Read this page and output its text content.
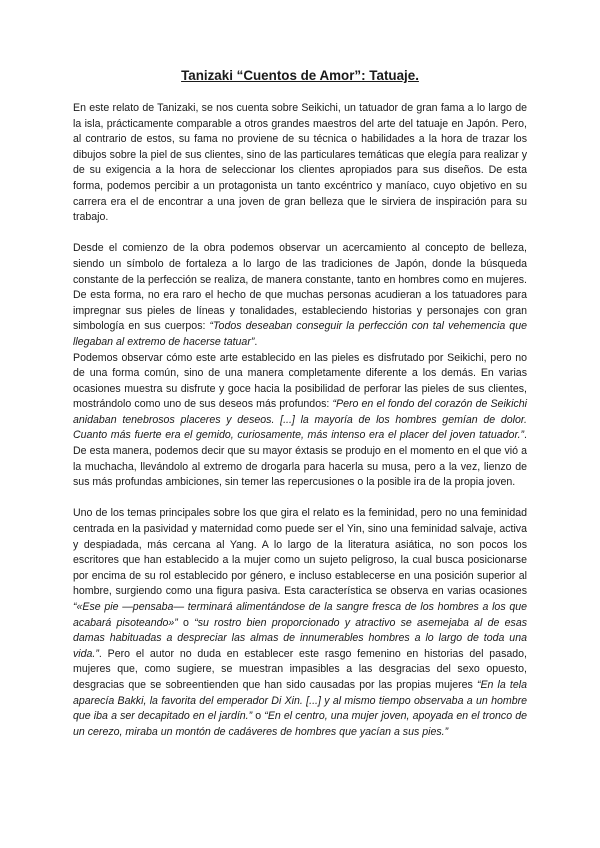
Tanizaki “Cuentos de Amor”: Tatuaje.

En este relato de Tanizaki, se nos cuenta sobre Seikichi, un tatuador de gran fama a lo largo de la isla, prácticamente comparable a otros grandes maestros del arte del tatuaje en Japón. Pero, al contrario de estos, su fama no proviene de su técnica o habilidades a la hora de trazar los dibujos sobre la piel de sus clientes, sino de las particulares temáticas que elegía para realizar y de su exigencia a la hora de seleccionar los clientes apropiados para sus diseños. De esta forma, podemos percibir a un protagonista un tanto excéntrico y maníaco, cuyo objetivo en su carrera era el de encontrar a una joven de gran belleza que le sirviera de inspiración para su trabajo.

Desde el comienzo de la obra podemos observar un acercamiento al concepto de belleza, siendo un símbolo de fortaleza a lo largo de las tradiciones de Japón, donde la búsqueda constante de la perfección se realiza, de manera constante, tanto en hombres como en mujeres. De esta forma, no era raro el hecho de que muchas personas acudieran a los tatuadores para impregnar sus pieles de líneas y tonalidades, estableciendo historias y personajes con gran simbología en sus cuerpos: “Todos deseaban conseguir la perfección con tal vehemencia que llegaban al extremo de hacerse tatuar”.

Podemos observar cómo este arte establecido en las pieles es disfrutado por Seikichi, pero no de una forma común, sino de una manera completamente diferente a los demás. En varias ocasiones muestra su disfrute y goce hacia la posibilidad de perforar las pieles de sus clientes, mostrándolo como uno de sus deseos más profundos: “Pero en el fondo del corazón de Seikichi anidaban tenebrosos placeres y deseos. [...] la mayoría de los hombres gemían de dolor. Cuanto más fuerte era el gemido, curiosamente, más intenso era el placer del joven tatuador.”. De esta manera, podemos decir que su mayor éxtasis se produjo en el momento en el que vió a la muchacha, llevándolo al extremo de drogarla para hacerla su musa, pero a la vez, lienzo de sus más profundas ambiciones, sin temer las repercusiones o la posible ira de la propia joven.

Uno de los temas principales sobre los que gira el relato es la feminidad, pero no una feminidad centrada en la pasividad y maternidad como puede ser el Yin, sino una feminidad salvaje, activa y despiadada, más cercana al Yang. A lo largo de la literatura asiática, no son pocos los escritores que han establecido a la mujer como un sujeto peligroso, la cual busca posicionarse por encima de su rol establecido por género, e incluso establecerse en una posición superior al hombre, surgiendo como una figura pasiva. Esta característica se observa en varias ocasiones “«Ese pie —pensaba— terminará alimentándose de la sangre fresca de los hombres a los que acabará pisoteando»” o “su rostro bien proporcionado y atractivo se asemejaba al de esas damas habituadas a despreciar las almas de innumerables hombres a lo largo de toda una vida.”. Pero el autor no duda en establecer este rasgo femenino en historias del pasado, mujeres que, como sugiere, se muestran impasibles a las desgracias del sexo opuesto, desgracias que se sobreentienden que han sido causadas por las propias mujeres “En la tela aparecía Bakki, la favorita del emperador Di Xin. [...] y al mismo tiempo observaba a un hombre que iba a ser decapitado en el jardín.” o “En el centro, una mujer joven, apoyada en el tronco de un cerezo, miraba un montón de cadáveres de hombres que yacían a sus pies.”
